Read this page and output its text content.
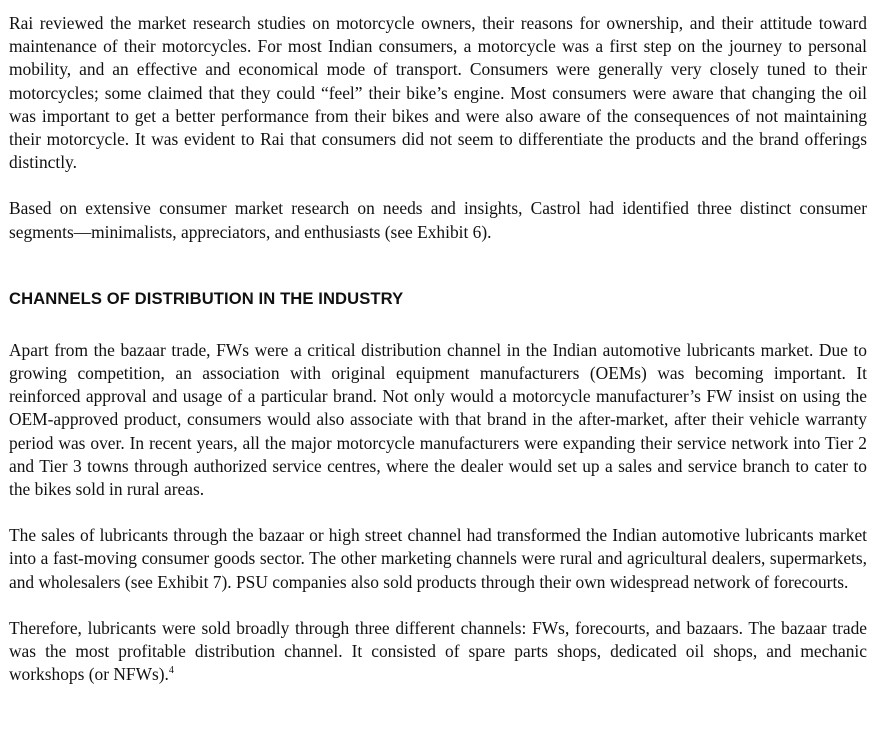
Rai reviewed the market research studies on motorcycle owners, their reasons for ownership, and their attitude toward maintenance of their motorcycles. For most Indian consumers, a motorcycle was a first step on the journey to personal mobility, and an effective and economical mode of transport. Consumers were generally very closely tuned to their motorcycles; some claimed that they could “feel” their bike’s engine. Most consumers were aware that changing the oil was important to get a better performance from their bikes and were also aware of the consequences of not maintaining their motorcycle. It was evident to Rai that consumers did not seem to differentiate the products and the brand offerings distinctly.

Based on extensive consumer market research on needs and insights, Castrol had identified three distinct consumer segments—minimalists, appreciators, and enthusiasts (see Exhibit 6).

CHANNELS OF DISTRIBUTION IN THE INDUSTRY

Apart from the bazaar trade, FWs were a critical distribution channel in the Indian automotive lubricants market. Due to growing competition, an association with original equipment manufacturers (OEMs) was becoming important. It reinforced approval and usage of a particular brand. Not only would a motorcycle manufacturer’s FW insist on using the OEM-approved product, consumers would also associate with that brand in the after-market, after their vehicle warranty period was over. In recent years, all the major motorcycle manufacturers were expanding their service network into Tier 2 and Tier 3 towns through authorized service centres, where the dealer would set up a sales and service branch to cater to the bikes sold in rural areas.

The sales of lubricants through the bazaar or high street channel had transformed the Indian automotive lubricants market into a fast-moving consumer goods sector. The other marketing channels were rural and agricultural dealers, supermarkets, and wholesalers (see Exhibit 7). PSU companies also sold products through their own widespread network of forecourts.

Therefore, lubricants were sold broadly through three different channels: FWs, forecourts, and bazaars. The bazaar trade was the most profitable distribution channel. It consisted of spare parts shops, dedicated oil shops, and mechanic workshops (or NFWs).$^4$
